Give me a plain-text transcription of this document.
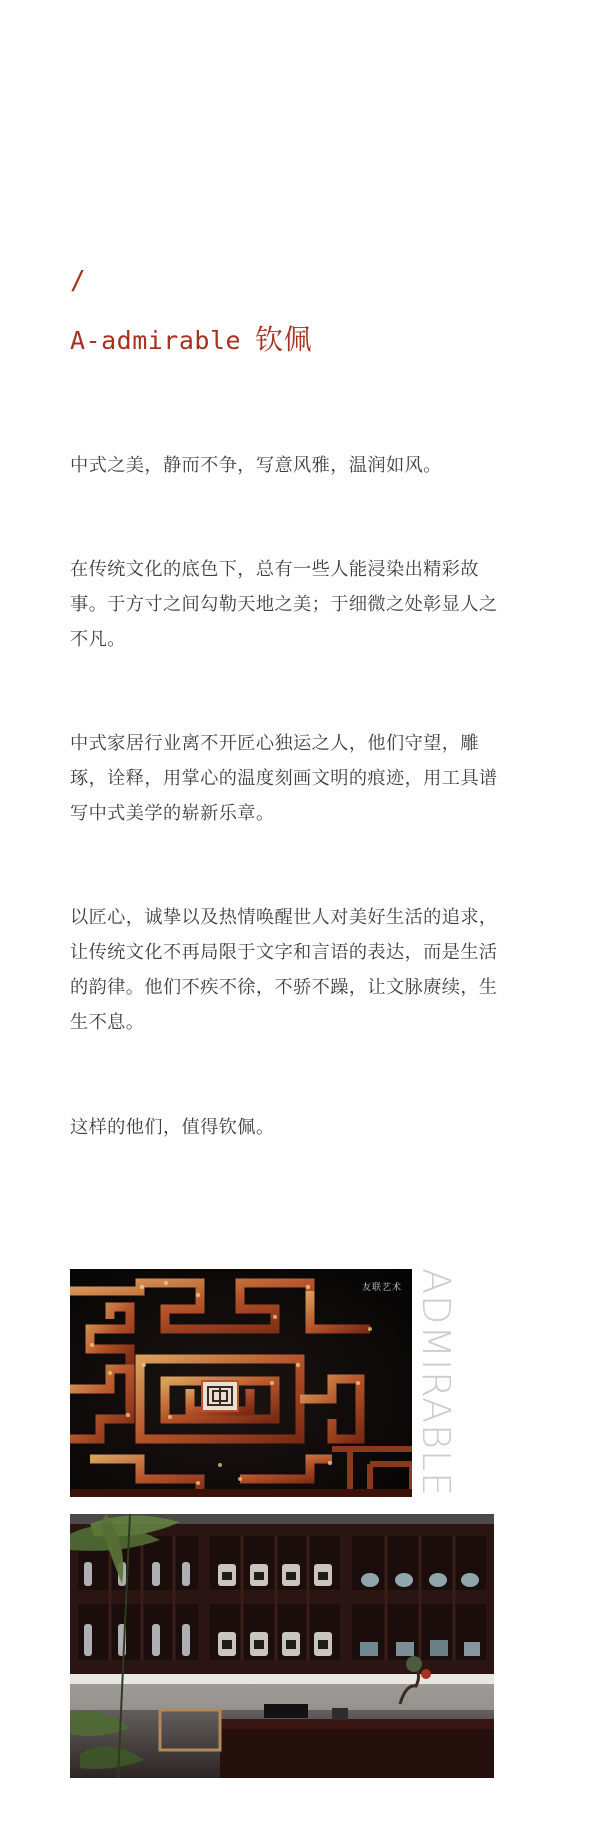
/
A-admirable 钦佩

中式之美，静而不争，写意风雅，温润如风。

在传统文化的底色下，总有一些人能浸染出精彩故事。于方寸之间勾勒天地之美；于细微之处彰显人之不凡。

中式家居行业离不开匠心独运之人，他们守望，雕琢，诠释，用掌心的温度刻画文明的痕迹，用工具谱写中式美学的崭新乐章。

以匠心，诚挚以及热情唤醒世人对美好生活的追求，让传统文化不再局限于文字和言语的表达，而是生活的韵律。他们不疾不徐，不骄不躁，让文脉赓续，生生不息。

这样的他们，值得钦佩。

友联艺术 ADMIRABLE
